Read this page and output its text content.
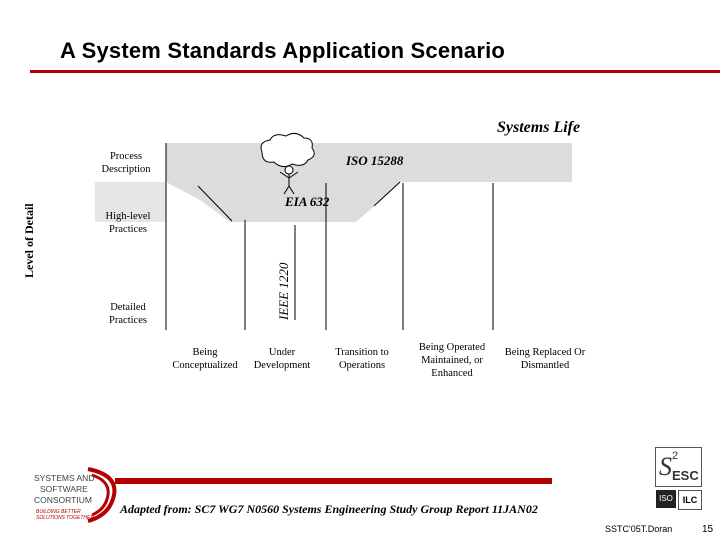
A System Standards Application Scenario
Systems Life
Level of Detail
Process Description
High-level Practices
Detailed Practices
ISO 15288
EIA 632
IEEE 1220
Being Conceptualized
Under Development
Transition to Operations
Being Operated Maintained, or Enhanced
Being Replaced Or Dismantled
Adapted from: SC7 WG7 N0560 Systems Engineering Study Group Report 11JAN02
SYSTEMS AND
SOFTWARE
CONSORTIUM
BUILDING BETTER
SOLUTIONS TOGETHER
S 2
ESC
ISO	ILC
SSTC'05T.Doran	15
